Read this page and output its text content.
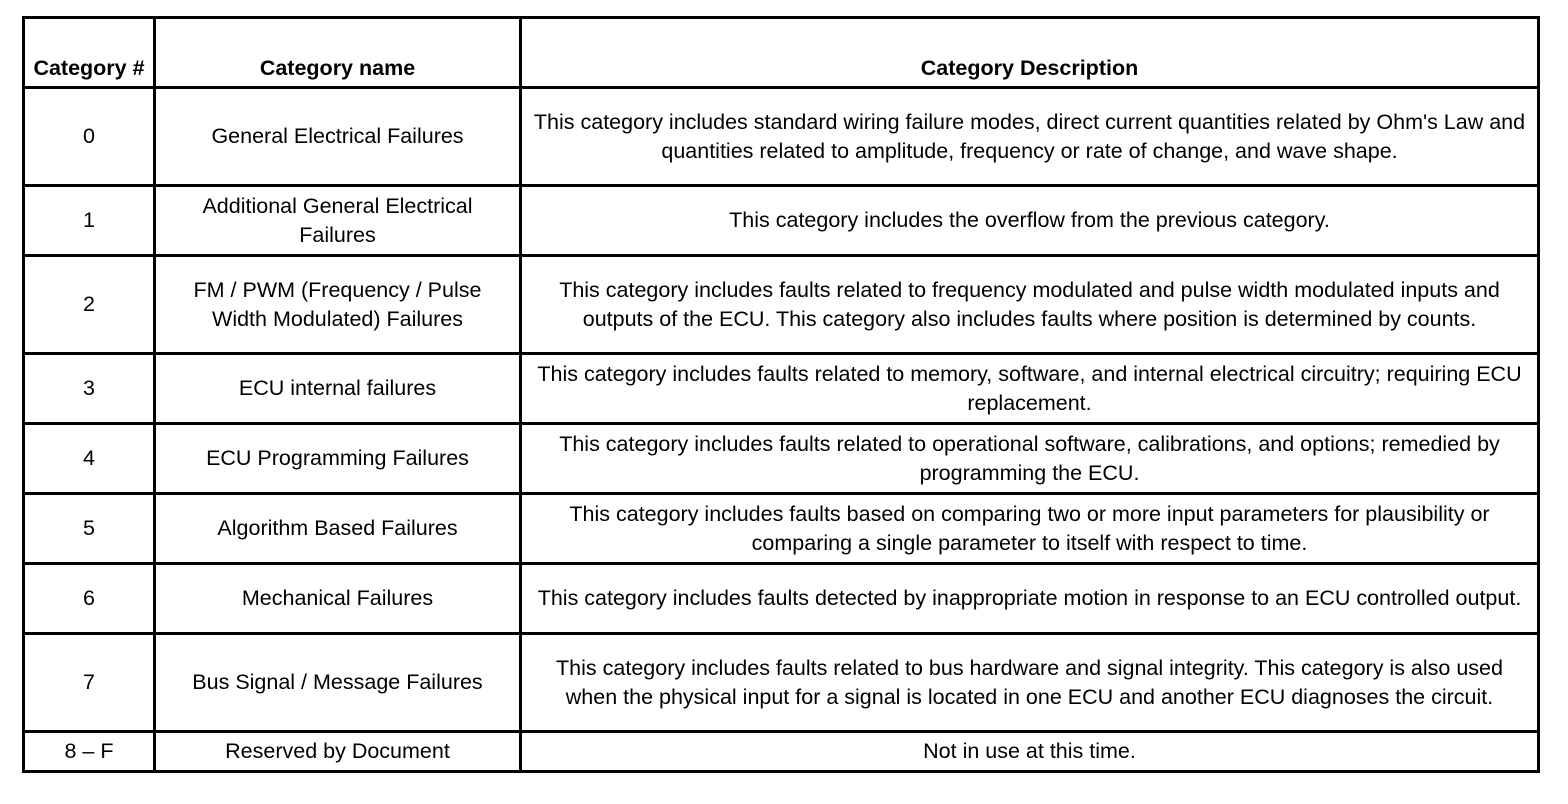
Category #	Category name	Category Description
0	General Electrical Failures	This category includes standard wiring failure modes, direct current quantities related by Ohm's Law and quantities related to amplitude, frequency or rate of change, and wave shape.
1	Additional General Electrical Failures	This category includes the overflow from the previous category.
2	FM / PWM (Frequency / Pulse Width Modulated) Failures	This category includes faults related to frequency modulated and pulse width modulated inputs and outputs of the ECU. This category also includes faults where position is determined by counts.
3	ECU internal failures	This category includes faults related to memory, software, and internal electrical circuitry; requiring ECU replacement.
4	ECU Programming Failures	This category includes faults related to operational software, calibrations, and options; remedied by programming the ECU.
5	Algorithm Based Failures	This category includes faults based on comparing two or more input parameters for plausibility or comparing a single parameter to itself with respect to time.
6	Mechanical Failures	This category includes faults detected by inappropriate motion in response to an ECU controlled output.
7	Bus Signal / Message Failures	This category includes faults related to bus hardware and signal integrity. This category is also used when the physical input for a signal is located in one ECU and another ECU diagnoses the circuit.
8 – F	Reserved by Document	Not in use at this time.
